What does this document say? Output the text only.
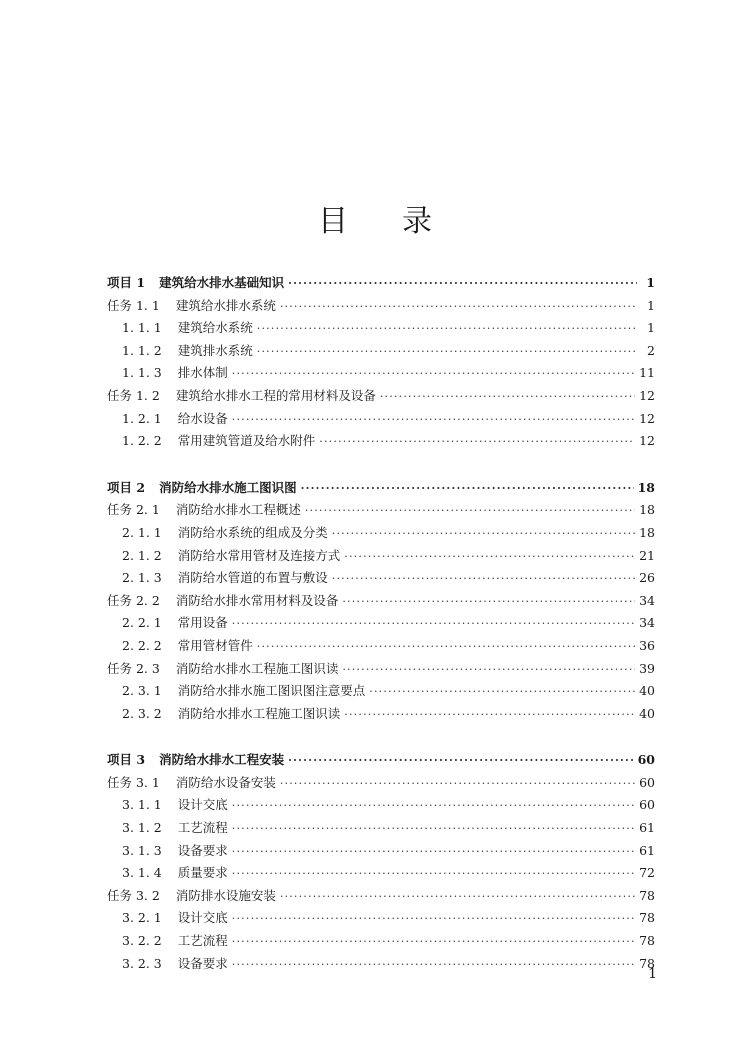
目 录
项目 1 建筑给水排水基础知识 ·····	1
任务 1. 1 建筑给水排水系统 ·····	1
1. 1. 1 建筑给水系统 ·····	1
1. 1. 2 建筑排水系统 ·····	2
1. 1. 3 排水体制 ·····	11
任务 1. 2 建筑给水排水工程的常用材料及设备 ·····	12
1. 2. 1 给水设备 ·····	12
1. 2. 2 常用建筑管道及给水附件 ·····	12
项目 2 消防给水排水施工图识图 ·····	18
任务 2. 1 消防给水排水工程概述 ·····	18
2. 1. 1 消防给水系统的组成及分类 ·····	18
2. 1. 2 消防给水常用管材及连接方式 ·····	21
2. 1. 3 消防给水管道的布置与敷设 ·····	26
任务 2. 2 消防给水排水常用材料及设备 ·····	34
2. 2. 1 常用设备 ·····	34
2. 2. 2 常用管材管件 ·····	36
任务 2. 3 消防给水排水工程施工图识读 ·····	39
2. 3. 1 消防给水排水施工图识图注意要点 ·····	40
2. 3. 2 消防给水排水工程施工图识读 ·····	40
项目 3 消防给水排水工程安装 ·····	60
任务 3. 1 消防给水设备安装 ·····	60
3. 1. 1 设计交底 ·····	60
3. 1. 2 工艺流程 ·····	61
3. 1. 3 设备要求 ·····	61
3. 1. 4 质量要求 ·····	72
任务 3. 2 消防排水设施安装 ·····	78
3. 2. 1 设计交底 ·····	78
3. 2. 2 工艺流程 ·····	78
3. 2. 3 设备要求 ·····	78
1
